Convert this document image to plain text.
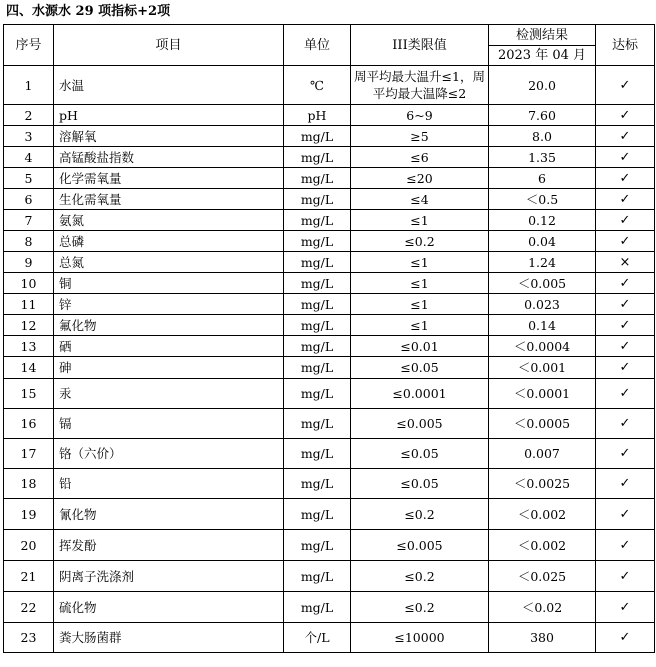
四、水源水 29 项指标+2项
序号	项目	单位	III类限值	检测结果	达标
				2023 年 04 月	
1	水温	℃	周平均最大温升≤1，周平均最大温降≤2	20.0	✓
2	pH	pH	6~9	7.60	✓
3	溶解氧	mg/L	≥5	8.0	✓
4	高锰酸盐指数	mg/L	≤6	1.35	✓
5	化学需氧量	mg/L	≤20	6	✓
6	生化需氧量	mg/L	≤4	＜0.5	✓
7	氨氮	mg/L	≤1	0.12	✓
8	总磷	mg/L	≤0.2	0.04	✓
9	总氮	mg/L	≤1	1.24	×
10	铜	mg/L	≤1	＜0.005	✓
11	锌	mg/L	≤1	0.023	✓
12	氟化物	mg/L	≤1	0.14	✓
13	硒	mg/L	≤0.01	＜0.0004	✓
14	砷	mg/L	≤0.05	＜0.001	✓
15	汞	mg/L	≤0.0001	＜0.0001	✓
16	镉	mg/L	≤0.005	＜0.0005	✓
17	铬（六价）	mg/L	≤0.05	0.007	✓
18	铅	mg/L	≤0.05	＜0.0025	✓
19	氰化物	mg/L	≤0.2	＜0.002	✓
20	挥发酚	mg/L	≤0.005	＜0.002	✓
21	阴离子洗涤剂	mg/L	≤0.2	＜0.025	✓
22	硫化物	mg/L	≤0.2	＜0.02	✓
23	粪大肠菌群	个/L	≤10000	380	✓
